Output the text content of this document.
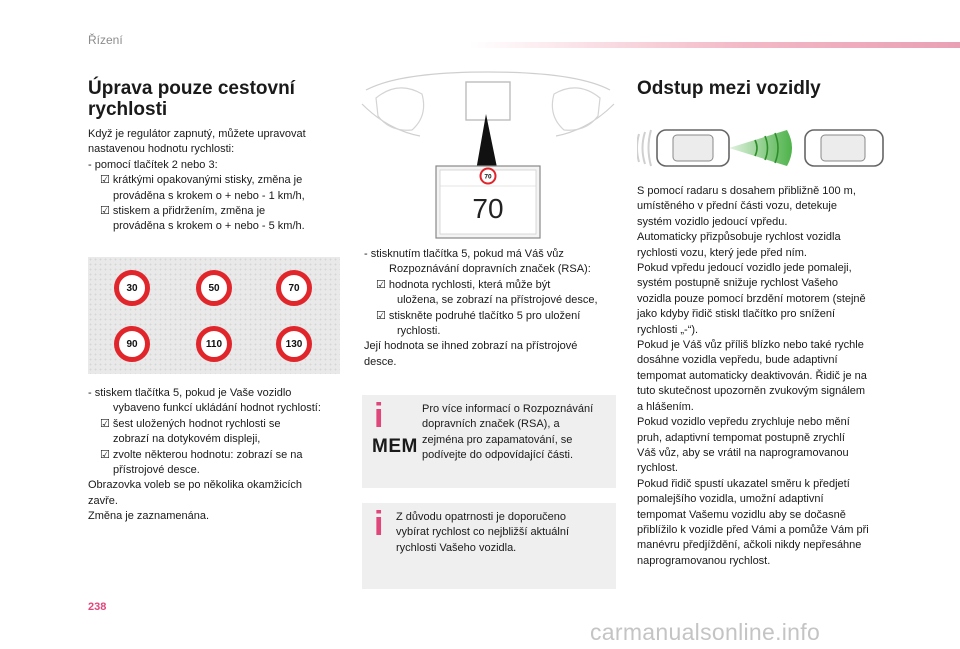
Řízení
238
carmanualsonline.info
Úprava pouze cestovní
rychlosti
Když je regulátor zapnutý, můžete upravovat
nastavenou hodnotu rychlosti:
- pomocí tlačítek 2 nebo 3:
☑ krátkými opakovanými stisky, změna je
prováděna s krokem o + nebo - 1 km/h,
☑ stiskem a přidržením, změna je
prováděna s krokem o + nebo - 5 km/h.
30	50	70
90	110	130
- stiskem tlačítka 5, pokud je Vaše vozidlo
vybaveno funkcí ukládání hodnot rychlostí:
☑ šest uložených hodnot rychlosti se
zobrazí na dotykovém displeji,
☑ zvolte některou hodnotu: zobrazí se na
přístrojové desce.
Obrazovka voleb se po několika okamžicích
zavře.
Změna je zaznamenána.
70
70
- stisknutím tlačítka 5, pokud má Váš vůz
Rozpoznávání dopravních značek (RSA):
☑ hodnota rychlosti, která může být
uložena, se zobrazí na přístrojové desce,
☑ stiskněte podruhé tlačítko 5 pro uložení
rychlosti.
Její hodnota se ihned zobrazí na přístrojové
desce.
i
MEM
Pro více informací o Rozpoznávání
dopravních značek (RSA), a
zejména pro zapamatování, se
podívejte do odpovídající části.
i Z důvodu opatrnosti je doporučeno
vybírat rychlost co nejbližší aktuální
rychlosti Vašeho vozidla.
Odstup mezi vozidly
S pomocí radaru s dosahem přibližně 100 m,
umístěného v přední části vozu, detekuje
systém vozidlo jedoucí vpředu.
Automaticky přizpůsobuje rychlost vozidla
rychlosti vozu, který jede před ním.
Pokud vpředu jedoucí vozidlo jede pomaleji,
systém postupně snižuje rychlost Vašeho
vozidla pouze pomocí brzdění motorem (stejně
jako kdyby řidič stiskl tlačítko pro snížení
rychlosti „-“).
Pokud je Váš vůz příliš blízko nebo také rychle
dosáhne vozidla vepředu, bude adaptivní
tempomat automaticky deaktivován. Řidič je na
tuto skutečnost upozorněn zvukovým signálem
a hlášením.
Pokud vozidlo vepředu zrychluje nebo mění
pruh, adaptivní tempomat postupně zrychlí
Váš vůz, aby se vrátil na naprogramovanou
rychlost.
Pokud řidič spustí ukazatel směru k předjetí
pomalejšího vozidla, umožní adaptivní
tempomat Vašemu vozidlu aby se dočasně
přiblížilo k vozidle před Vámi a pomůže Vám při
manévru předjíždění, ačkoli nikdy nepřesáhne
naprogramovanou rychlost.
